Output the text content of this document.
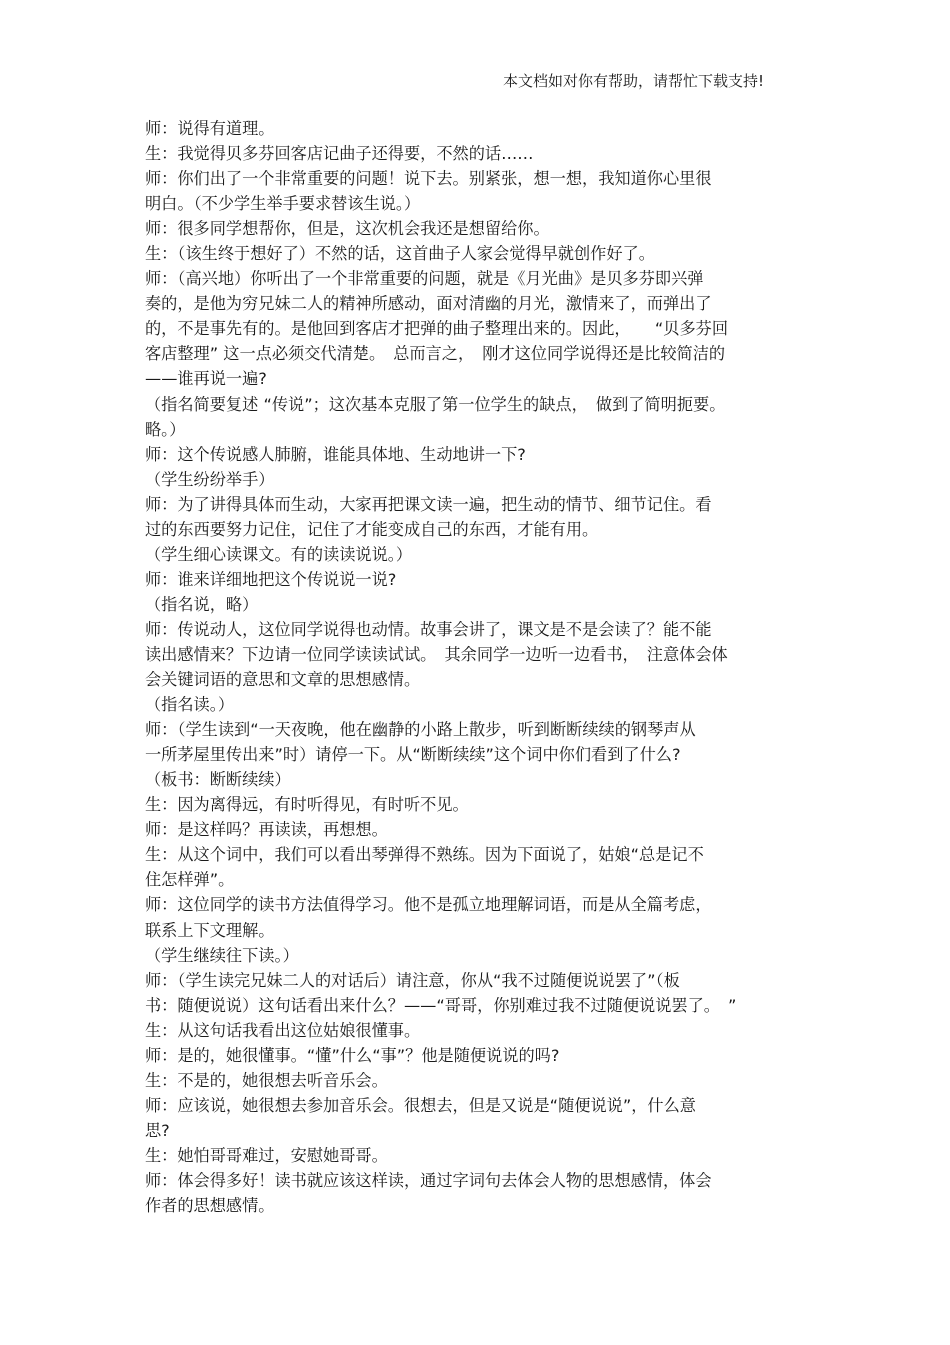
本文档如对你有帮助，请帮忙下载支持!
师：说得有道理。
生：我觉得贝多芬回客店记曲子还得要，不然的话……
师：你们出了一个非常重要的问题！说下去。别紧张，想一想，我知道你心里很
明白。（不少学生举手要求替该生说。）
师：很多同学想帮你，但是，这次机会我还是想留给你。
生：（该生终于想好了）不然的话，这首曲子人家会觉得早就创作好了。
师：（高兴地）你听出了一个非常重要的问题，就是《月光曲》是贝多芬即兴弹
奏的，是他为穷兄妹二人的精神所感动，面对清幽的月光，激情来了，而弹出了
的，不是事先有的。是他回到客店才把弹的曲子整理出来的。因此，　　“贝多芬回
客店整理” 这一点必须交代清楚。　总而言之，　刚才这位同学说得还是比较简洁的
——谁再说一遍?
（指名简要复述 “传说”；这次基本克服了第一位学生的缺点，　做到了简明扼要。
略。）
师：这个传说感人肺腑，谁能具体地、生动地讲一下?
（学生纷纷举手）
师：为了讲得具体而生动，大家再把课文读一遍，把生动的情节、细节记住。看
过的东西要努力记住，记住了才能变成自己的东西，才能有用。
（学生细心读课文。有的读读说说。）
师：谁来详细地把这个传说说一说?
（指名说，略）
师：传说动人，这位同学说得也动情。故事会讲了，课文是不是会读了？能不能
读出感情来？下边请一位同学读读试试。　其余同学一边听一边看书，　注意体会体
会关键词语的意思和文章的思想感情。
（指名读。）
师：（学生读到“一天夜晚，他在幽静的小路上散步，听到断断续续的钢琴声从
一所茅屋里传出来”时）请停一下。从“断断续续”这个词中你们看到了什么?
（板书：断断续续）
生：因为离得远，有时听得见，有时听不见。
师：是这样吗？再读读，再想想。
生：从这个词中，我们可以看出琴弹得不熟练。因为下面说了，姑娘“总是记不
住怎样弹”。
师：这位同学的读书方法值得学习。他不是孤立地理解词语，而是从全篇考虑，
联系上下文理解。
（学生继续往下读。）
师：（学生读完兄妹二人的对话后）请注意，你从“我不过随便说说罢了”（板
书：随便说说）这句话看出来什么？——“哥哥，你别难过我不过随便说说罢了。　”
生：从这句话我看出这位姑娘很懂事。
师：是的，她很懂事。“懂”什么“事”？他是随便说说的吗?
生：不是的，她很想去听音乐会。
师：应该说，她很想去参加音乐会。很想去，但是又说是“随便说说”，什么意
思?
生：她怕哥哥难过，安慰她哥哥。
师：体会得多好！读书就应该这样读，通过字词句去体会人物的思想感情，体会
作者的思想感情。
